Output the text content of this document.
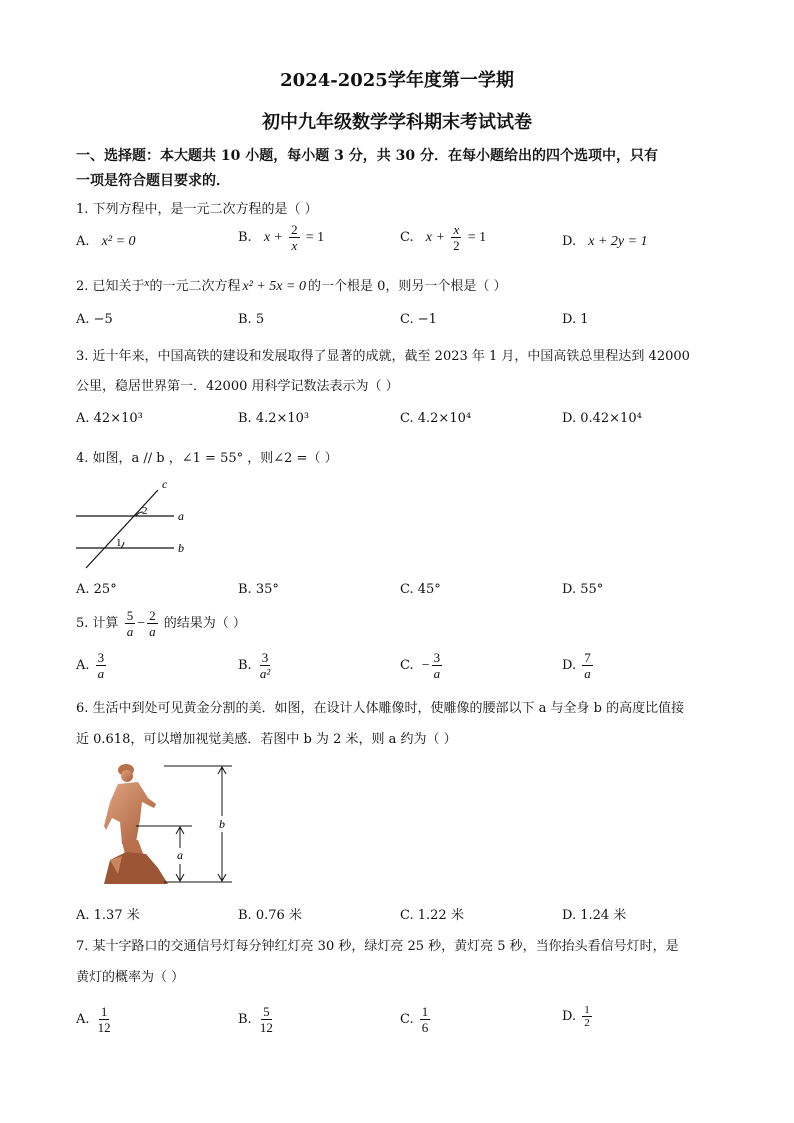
2024-2025学年度第一学期
初中九年级数学学科期末考试试卷
一、选择题：本大题共 10 小题，每小题 3 分，共 30 分．在每小题给出的四个选项中，只有
一项是符合题目要求的．
1. 下列方程中，是一元二次方程的是（ ）
A. x² = 0	B. $x + \frac{2}{x} = 1$	C. $x + \frac{x}{2} = 1$	D. x + 2y = 1
2. 已知关于$^x$的一元二次方程 x² + 5x = 0 的一个根是 0，则另一个根是（ ）
A. −5	B. 5	C. −1	D. 1
3. 近十年来，中国高铁的建设和发展取得了显著的成就，截至 2023 年 1 月，中国高铁总里程达到 42000
公里，稳居世界第一．42000 用科学记数法表示为（ ）
A. 42×10³	B. 4.2×10³	C. 4.2×10⁴	D. 0.42×10⁴
4. 如图，a // b ，∠1 = 55° ，则∠2 =（ ）
c
a
b
1
2
A. 25°	B. 35°	C. 45°	D. 55°
5. 计算 $\frac{5}{a} - \frac{2}{a}$ 的结果为（ ）
A. $\frac{3}{a}$	B. $\frac{3}{\text{a²}}$	C. − $\frac{3}{a}$	D. $\frac{7}{a}$
6. 生活中到处可见黄金分割的美．如图，在设计人体雕像时，使雕像的腰部以下 a 与全身 b 的高度比值接
近 0.618，可以增加视觉美感．若图中 b 为 2 米，则 a 约为（ ）
b
a
A. 1.37 米	B. 0.76 米	C. 1.22 米	D. 1.24 米
7. 某十字路口的交通信号灯每分钟红灯亮 30 秒，绿灯亮 25 秒，黄灯亮 5 秒，当你抬头看信号灯时，是
黄灯的概率为（ ）
A. $\frac{1}{12}$	B. $\frac{5}{12}$	C. $\frac{1}{6}$	D. $\frac{1}{2}$
